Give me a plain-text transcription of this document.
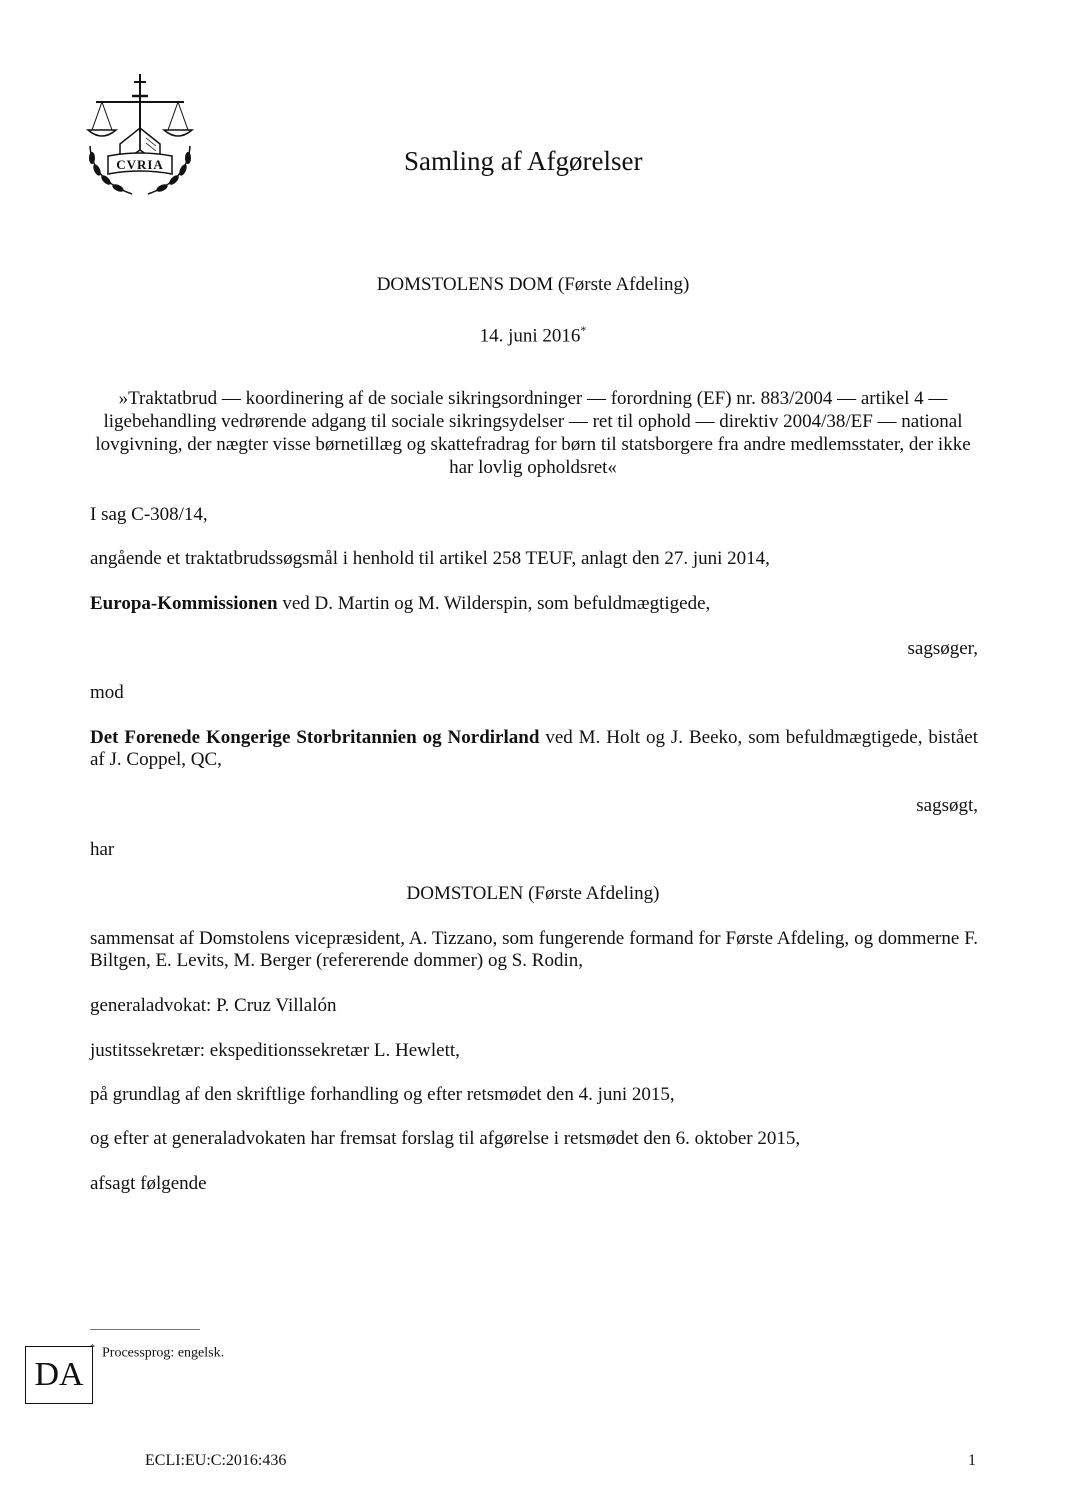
CVRIA	Samling af Afgørelser
DOMSTOLENS DOM (Første Afdeling)
14. juni 2016*
»Traktatbrud — koordinering af de sociale sikringsordninger — forordning (EF) nr. 883/2004 — artikel 4 — ligebehandling vedrørende adgang til sociale sikringsydelser — ret til ophold — direktiv 2004/38/EF — national lovgivning, der nægter visse børnetillæg og skattefradrag for børn til statsborgere fra andre medlemsstater, der ikke har lovlig opholdsret«
I sag C-308/14,
angående et traktatbrudssøgsmål i henhold til artikel 258 TEUF, anlagt den 27. juni 2014,
Europa-Kommissionen ved D. Martin og M. Wilderspin, som befuldmægtigede,
sagsøger,
mod
Det Forenede Kongerige Storbritannien og Nordirland ved M. Holt og J. Beeko, som befuldmægtigede, bistået af J. Coppel, QC,
sagsøgt,
har
DOMSTOLEN (Første Afdeling)
sammensat af Domstolens vicepræsident, A. Tizzano, som fungerende formand for Første Afdeling, og dommerne F. Biltgen, E. Levits, M. Berger (refererende dommer) og S. Rodin,
generaladvokat: P. Cruz Villalón
justitssekretær: ekspeditionssekretær L. Hewlett,
på grundlag af den skriftlige forhandling og efter retsmødet den 4. juni 2015,
og efter at generaladvokaten har fremsat forslag til afgørelse i retsmødet den 6. oktober 2015,
afsagt følgende
* Processprog: engelsk.
DA
ECLI:EU:C:2016:436	1
